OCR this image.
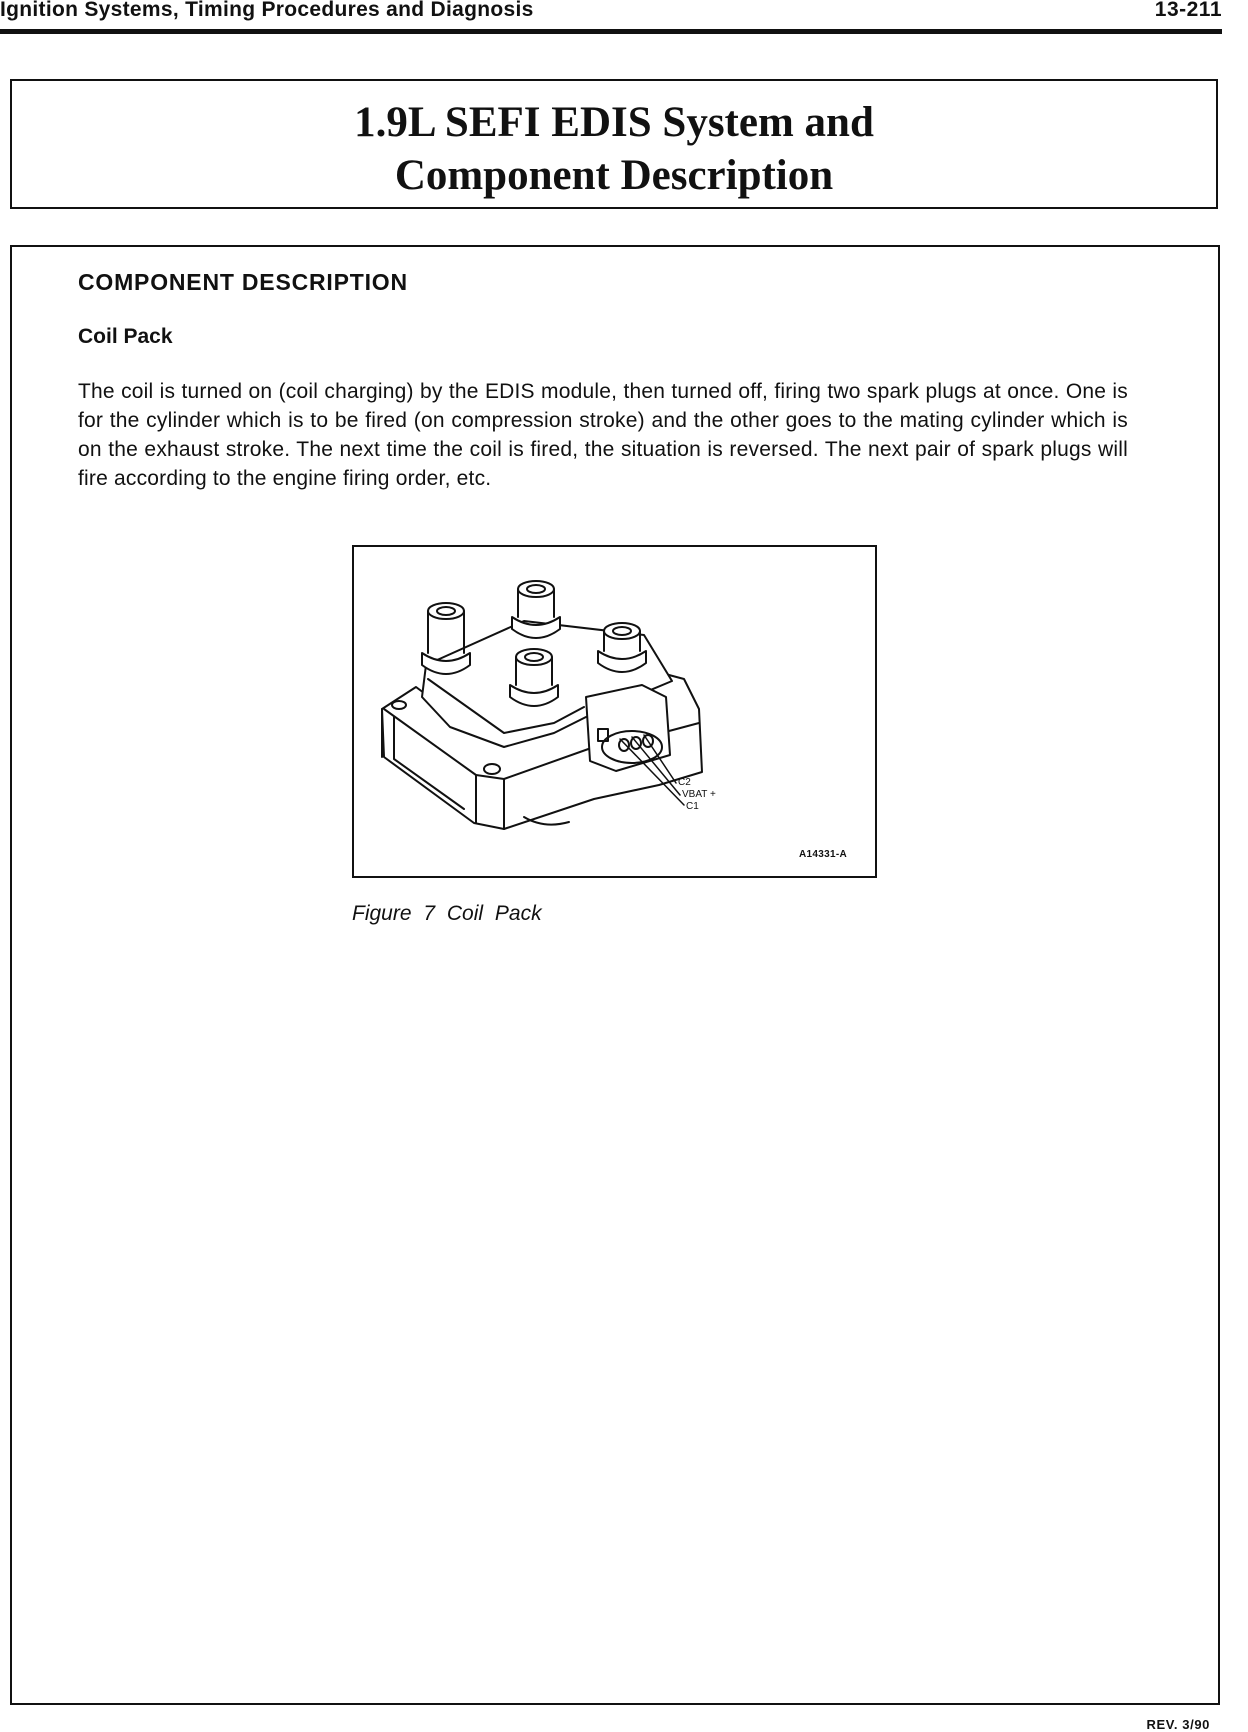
Ignition Systems, Timing Procedures and Diagnosis	13-211
1.9L SEFI EDIS System and
Component Description
COMPONENT DESCRIPTION
Coil Pack
The coil is turned on (coil charging) by the EDIS module, then turned off, firing two spark plugs at once. One is for the cylinder which is to be fired (on compression stroke) and the other goes to the mating cylinder which is on the exhaust stroke. The next time the coil is fired, the situation is reversed. The next pair of spark plugs will fire according to the engine firing order, etc.
C2
VBAT +
C1
A14331-A
Figure 7 Coil Pack
REV. 3/90
